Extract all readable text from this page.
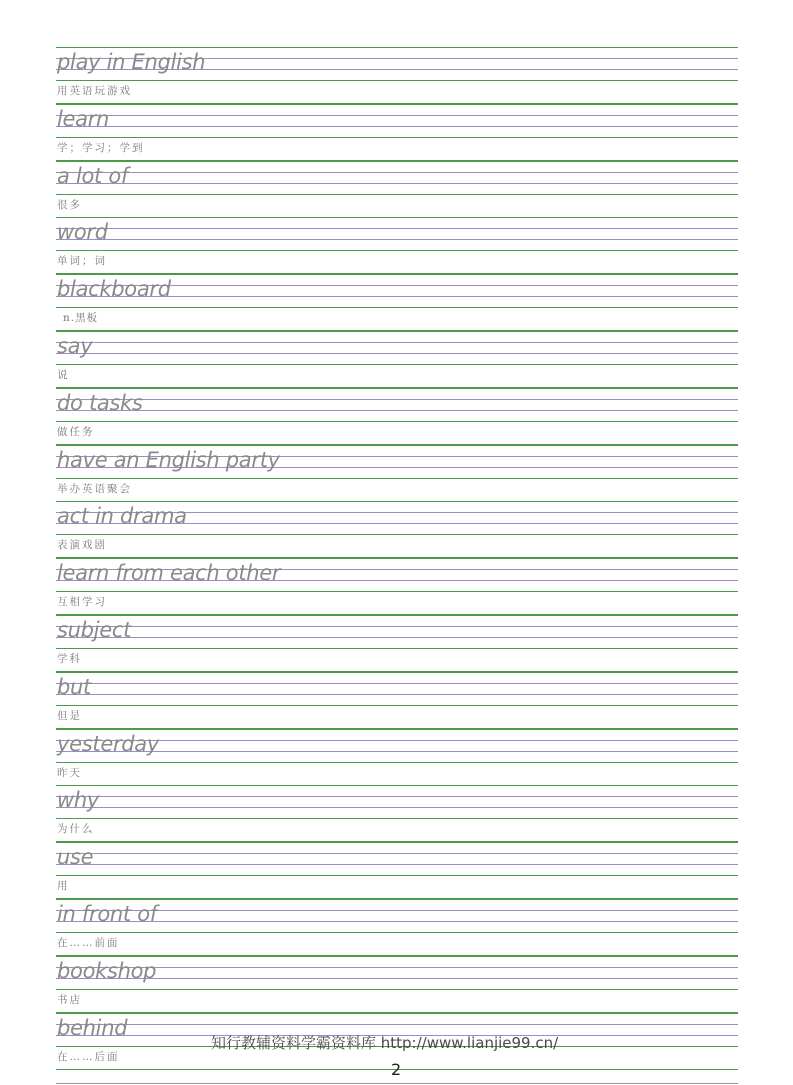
play in English
用英语玩游戏
learn
学；学习；学到
a lot of
很多
word
单词；词
blackboard
n.黑板
say
说
do tasks
做任务
have an English party
举办英语聚会
act in drama
表演戏剧
learn from each other
互相学习
subject
学科
but
但是
yesterday
昨天
why
为什么
use
用
in front of
在……前面
bookshop
书店
behind
在……后面
知行教辅资料学霸资料库 http://www.lianjie99.cn/
2
